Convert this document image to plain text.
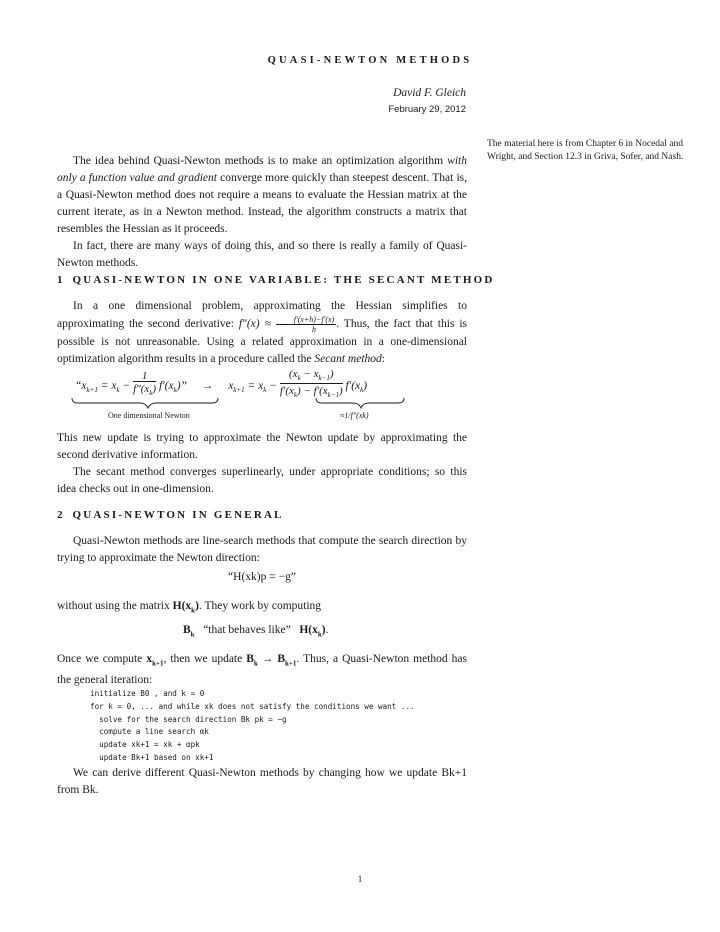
QUASI-NEWTON METHODS
David F. Gleich
February 29, 2012
The material here is from Chapter 6 in Nocedal and Wright, and Section 12.3 in Griva, Sofer, and Nash.

The idea behind Quasi-Newton methods is to make an optimization algorithm with only a function value and gradient converge more quickly than steepest descent. That is, a Quasi-Newton method does not require a means to evaluate the Hessian matrix at the current iterate, as in a Newton method. Instead, the algorithm constructs a matrix that resembles the Hessian as it proceeds.

In fact, there are many ways of doing this, and so there is really a family of Quasi-Newton methods.

1 QUASI-NEWTON IN ONE VARIABLE: THE SECANT METHOD

In a one dimensional problem, approximating the Hessian simplifies to approximating the second derivative: $f''(x) \approx \frac{f'(x+h)-f'(x)}{h}$ . Thus, the fact that this is possible is not unreasonable. Using a related approximation in a one-dimensional optimization algorithm results in a procedure called the Secant method:

“$x_{k+1} = x_k - \frac{1}{f''(x_k)} f'(x_k)$” → $x_{k+1} = x_k - \frac{(x_k - x_{k-1})}{f'(x_k) - f'(x_{k-1})} f'(x_k)$
One dimensional Newton	≈1/f″(xk)

This new update is trying to approximate the Newton update by approximating the second derivative information.

The secant method converges superlinearly, under appropriate conditions; so this idea checks out in one-dimension.

2 QUASI-NEWTON IN GENERAL

Quasi-Newton methods are line-search methods that compute the search direction by trying to approximate the Newton direction:

“H(xk)p = −g”

without using the matrix $H(x_k)$. They work by computing

$B_k$ “that behaves like” $H(x_k)$.

Once we compute $x_{k+1}$, then we update $B_k \to B_{k+1}$. Thus, a Quasi-Newton method has the general iteration:

initialize B0 , and k = 0
for k = 0, ... and while xk does not satisfy the conditions we want ...
solve for the search direction Bk pk = −g
compute a line search αk
update xk+1 = xk + αpk
update Bk+1 based on xk+1

We can derive different Quasi-Newton methods by changing how we update Bk+1 from Bk.

1
